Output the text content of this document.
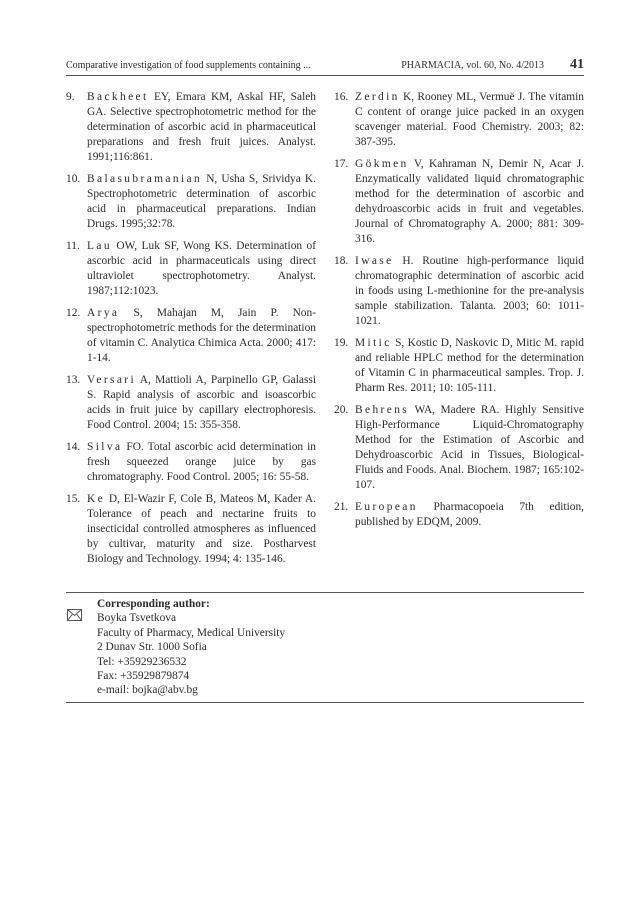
Comparative investigation of food supplements containing ...	PHARMACIA, vol. 60, No. 4/2013 41
9. Backheet EY, Emara KM, Askal HF, Saleh GA. Selective spectrophotometric method for the determination of ascorbic acid in pharmaceutical preparations and fresh fruit juices. Analyst. 1991;116:861.
10. Balasubramanian N, Usha S, Srividya K. Spectrophotometric determination of ascorbic acid in pharmaceutical preparations. Indian Drugs. 1995;32:78.
11. Lau OW, Luk SF, Wong KS. Determination of ascorbic acid in pharmaceuticals using direct ultraviolet spectrophotometry. Analyst. 1987;112:1023.
12. Arya S, Mahajan M, Jain P. Non-spectrophotometric methods for the determination of vitamin C. Analytica Chimica Acta. 2000; 417: 1-14.
13. Versari A, Mattioli A, Parpinello GP, Galassi S. Rapid analysis of ascorbic and isoascorbic acids in fruit juice by capillary electrophoresis. Food Control. 2004; 15: 355-358.
14. Silva FO. Total ascorbic acid determination in fresh squeezed orange juice by gas chromatography. Food Control. 2005; 16: 55-58.
15. Ke D, El-Wazir F, Cole B, Mateos M, Kader A. Tolerance of peach and nectarine fruits to insecticidal controlled atmospheres as influenced by cultivar, maturity and size. Postharvest Biology and Technology. 1994; 4: 135-146.
16. Zerdin K, Rooney ML, Vermuë J. The vitamin C content of orange juice packed in an oxygen scavenger material. Food Chemistry. 2003; 82: 387-395.
17. Gökmen V, Kahraman N, Demir N, Acar J. Enzymatically validated liquid chromatographic method for the determination of ascorbic and dehydroascorbic acids in fruit and vegetables. Journal of Chromatography A. 2000; 881: 309-316.
18. Iwase H. Routine high-performance liquid chromatographic determination of ascorbic acid in foods using L-methionine for the pre-analysis sample stabilization. Talanta. 2003; 60: 1011-1021.
19. Mitic S, Kostic D, Naskovic D, Mitic M. rapid and reliable HPLC method for the determination of Vitamin C in pharmaceutical samples. Trop. J. Pharm Res. 2011; 10: 105-111.
20. Behrens WA, Madere RA. Highly Sensitive High-Performance Liquid-Chromatography Method for the Estimation of Ascorbic and Dehydroascorbic Acid in Tissues, Biological-Fluids and Foods. Anal. Biochem. 1987; 165:102-107.
21. European Pharmacopoeia 7th edition, published by EDQM, 2009.
Corresponding author:
Boyka Tsvetkova
Faculty of Pharmacy, Medical University
2 Dunav Str. 1000 Sofia
Tel: +35929236532
Fax: +35929879874
e-mail: bojka@abv.bg
